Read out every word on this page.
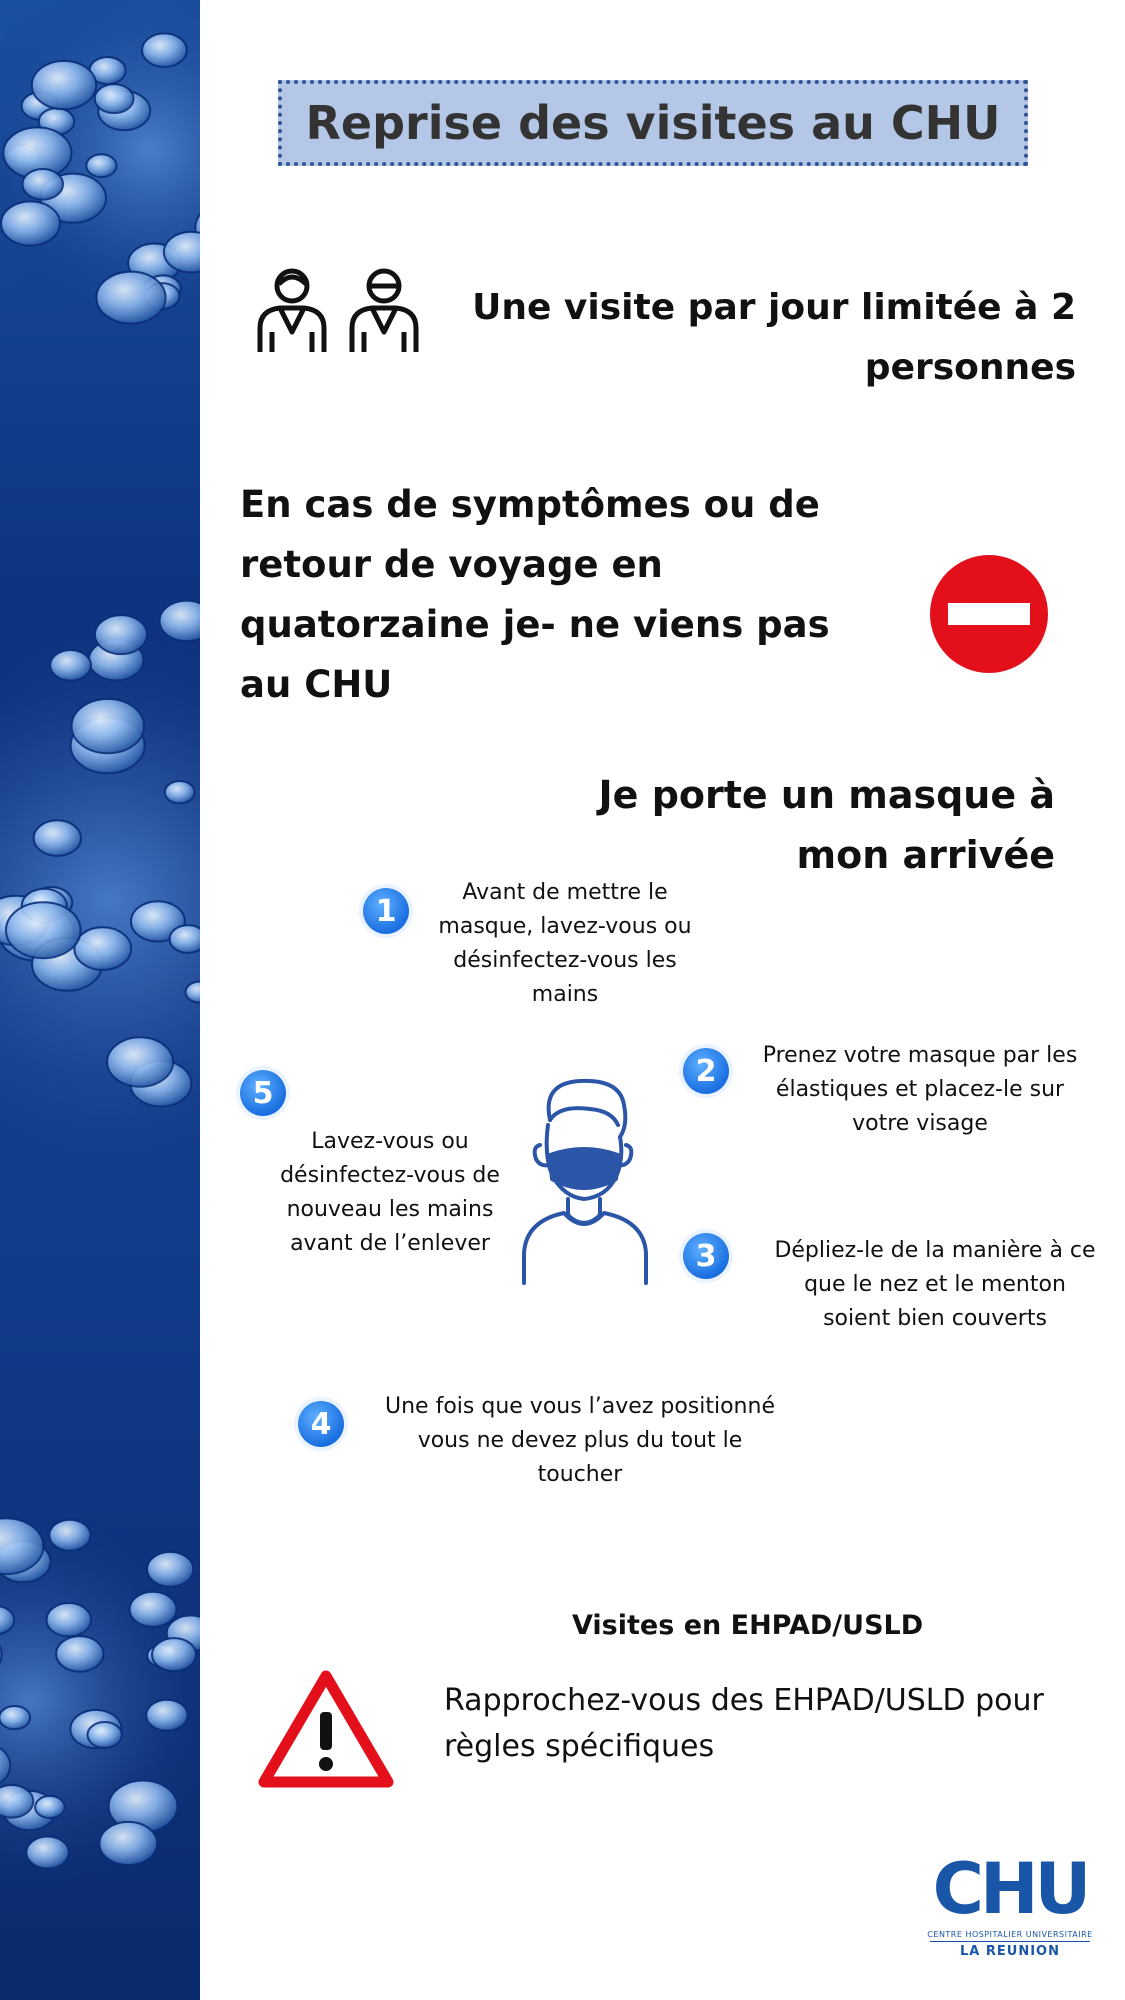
Reprise des visites au CHU
Une visite par jour limitée à 2
personnes
En cas de symptômes ou de
retour de voyage en
quatorzaine je- ne viens pas
au CHU
Je porte un masque à
mon arrivée
1
Avant de mettre le
masque, lavez-vous ou
désinfectez-vous les
mains
2	Prenez votre masque par les
élastiques et placez-le sur
votre visage
5
Lavez-vous ou
désinfectez-vous de
nouveau les mains
avant de l’enlever	3	Dépliez-le de la manière à ce
que le nez et le menton
soient bien couverts
4	Une fois que vous l’avez positionné
vous ne devez plus du tout le
toucher
Visites en EHPAD/USLD
Rapprochez-vous des EHPAD/USLD pour
règles spécifiques
CHU
CENTRE HOSPITALIER UNIVERSITAIRE
LA REUNION
